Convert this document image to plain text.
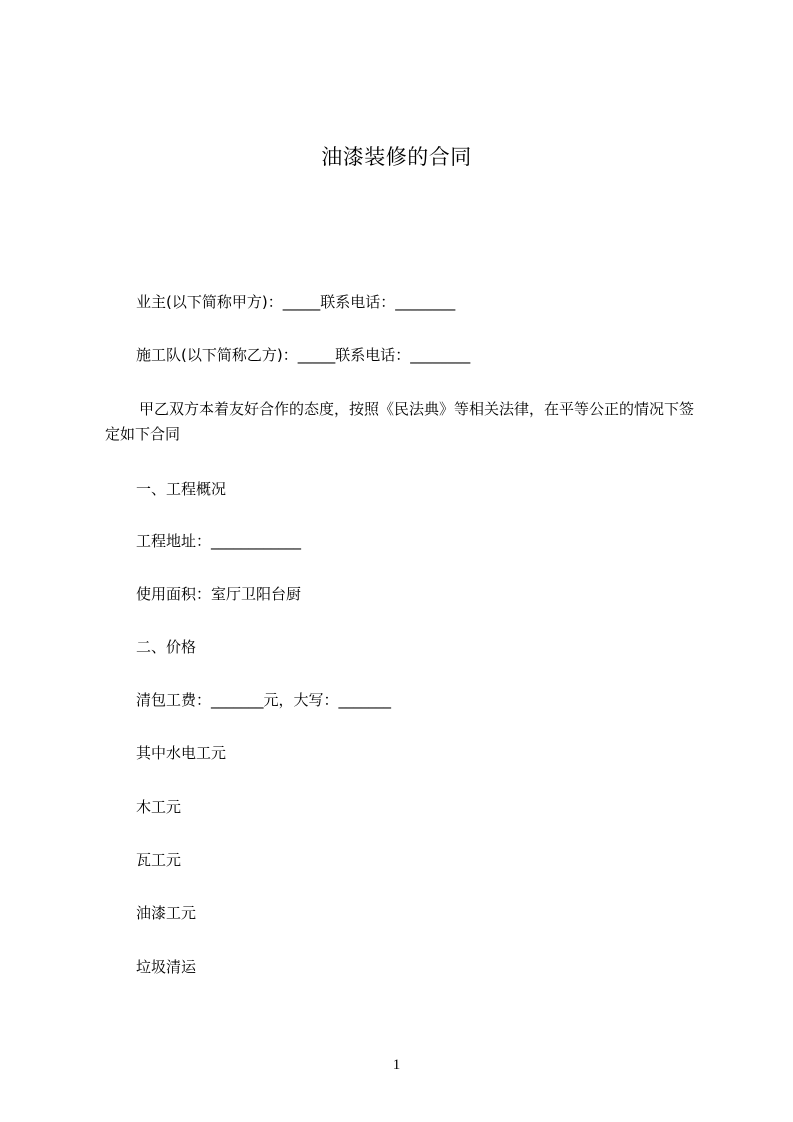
油漆装修的合同
业主(以下简称甲方)：_____联系电话：________
施工队(以下简称乙方)：_____联系电话：________
甲乙双方本着友好合作的态度，按照《民法典》等相关法律，在平等公正的情况下签定如下合同
一、工程概况
工程地址：____________
使用面积：室厅卫阳台厨
二、价格
清包工费：_______元，大写：_______
其中水电工元
木工元
瓦工元
油漆工元
垃圾清运
1
